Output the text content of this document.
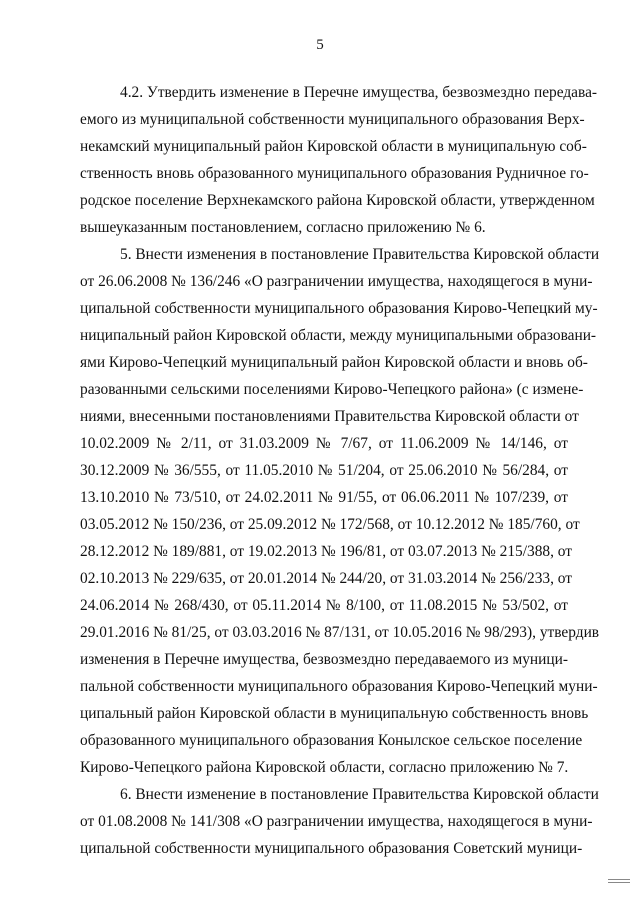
5
4.2. Утвердить изменение в Перечне имущества, безвозмездно передава-
емого из муниципальной собственности муниципального образования Верх-
некамский муниципальный район Кировской области в муниципальную соб-
ственность вновь образованного муниципального образования Рудничное го-
родское поселение Верхнекамского района Кировской области, утвержденном
вышеуказанным постановлением, согласно приложению № 6.
5. Внести изменения в постановление Правительства Кировской области
от 26.06.2008 № 136/246 «О разграничении имущества, находящегося в муни-
ципальной собственности муниципального образования Кирово-Чепецкий му-
ниципальный район Кировской области, между муниципальными образовани-
ями Кирово-Чепецкий муниципальный район Кировской области и вновь об-
разованными сельскими поселениями Кирово-Чепецкого района» (с измене-
ниями, внесенными постановлениями Правительства Кировской области от
10.02.2009 № 2/11, от 31.03.2009 № 7/67, от 11.06.2009 № 14/146, от
30.12.2009 № 36/555, от 11.05.2010 № 51/204, от 25.06.2010 № 56/284, от
13.10.2010 № 73/510, от 24.02.2011 № 91/55, от 06.06.2011 № 107/239, от
03.05.2012 № 150/236, от 25.09.2012 № 172/568, от 10.12.2012 № 185/760, от
28.12.2012 № 189/881, от 19.02.2013 № 196/81, от 03.07.2013 № 215/388, от
02.10.2013 № 229/635, от 20.01.2014 № 244/20, от 31.03.2014 № 256/233, от
24.06.2014 № 268/430, от 05.11.2014 № 8/100, от 11.08.2015 № 53/502, от
29.01.2016 № 81/25, от 03.03.2016 № 87/131, от 10.05.2016 № 98/293), утвердив
изменения в Перечне имущества, безвозмездно передаваемого из муници-
пальной собственности муниципального образования Кирово-Чепецкий муни-
ципальный район Кировской области в муниципальную собственность вновь
образованного муниципального образования Конылское сельское поселение
Кирово-Чепецкого района Кировской области, согласно приложению № 7.
6. Внести изменение в постановление Правительства Кировской области
от 01.08.2008 № 141/308 «О разграничении имущества, находящегося в муни-
ципальной собственности муниципального образования Советский муници-
